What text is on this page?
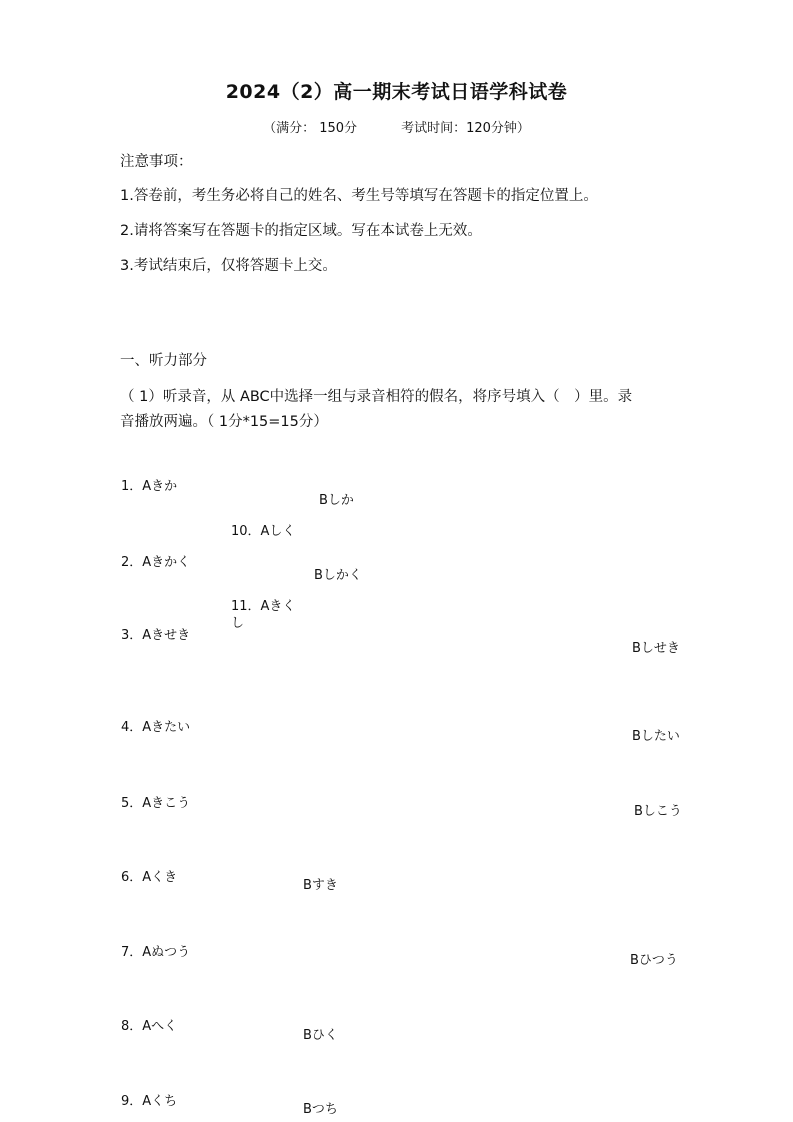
2024（2）高一期末考试日语学科试卷
（满分： 150分	考试时间：120分钟）
注意事项：
1.答卷前，考生务必将自己的姓名、考生号等填写在答题卡的指定位置上。
2.请将答案写在答题卡的指定区域。写在本试卷上无效。
3.考试结束后，仅将答题卡上交。
一、听力部分
（ 1）听录音，从 ABC中选择一组与录音相符的假名，将序号填入（　）里。录
音播放两遍。（ 1分*15=15分）
1．Aきか
Bしか
10．Aしく
2．Aきかく
Bしかく
11．Aきく
し
3．Aきせき
Bしせき
4．Aきたい
Bしたい
5．Aきこう
Bしこう
6．Aくき
Bすき
7．Aぬつう
Bひつう
8．Aへく
Bひく
9．Aくち
Bつち
